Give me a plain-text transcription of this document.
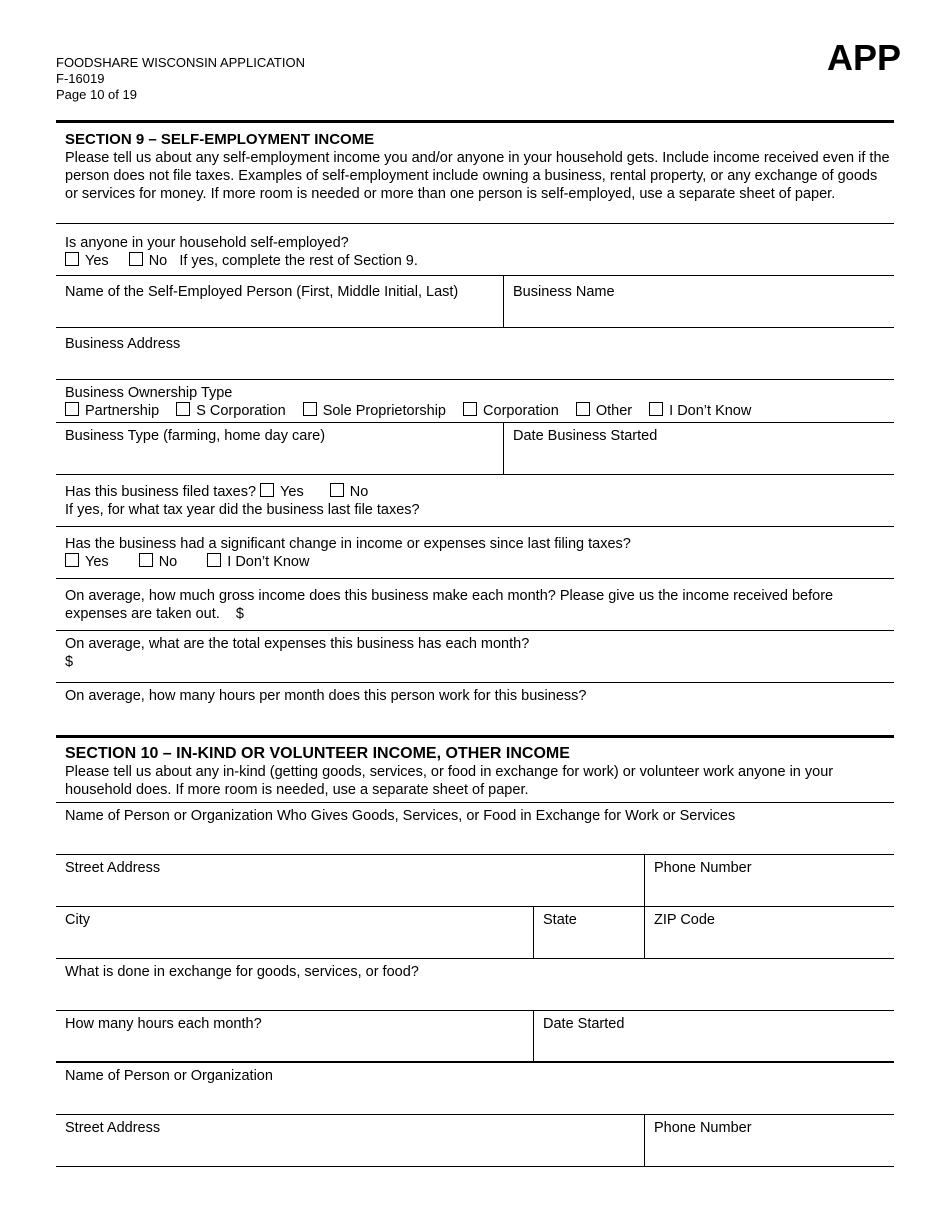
FOODSHARE WISCONSIN APPLICATION
F-16019
Page 10 of 19
APP
SECTION 9 – SELF-EMPLOYMENT INCOME
Please tell us about any self-employment income you and/or anyone in your household gets. Include income received even if the person does not file taxes. Examples of self-employment include owning a business, rental property, or any exchange of goods or services for money. If more room is needed or more than one person is self-employed, use a separate sheet of paper.
Is anyone in your household self-employed?
Yes	No If yes, complete the rest of Section 9.
Name of the Self-Employed Person (First, Middle Initial, Last)	Business Name
Business Address
Business Ownership Type
Partnership	S Corporation	Sole Proprietorship	Corporation	Other	I Don’t Know
Business Type (farming, home day care)	Date Business Started
Has this business filed taxes? Yes	No
If yes, for what tax year did the business last file taxes?
Has the business had a significant change in income or expenses since last filing taxes?
Yes	No	I Don’t Know
On average, how much gross income does this business make each month? Please give us the income received before expenses are taken out. $
On average, what are the total expenses this business has each month?
$
On average, how many hours per month does this person work for this business?
SECTION 10 – IN-KIND OR VOLUNTEER INCOME, OTHER INCOME
Please tell us about any in-kind (getting goods, services, or food in exchange for work) or volunteer work anyone in your household does. If more room is needed, use a separate sheet of paper.
Name of Person or Organization Who Gives Goods, Services, or Food in Exchange for Work or Services
Street Address	Phone Number
City	State	ZIP Code
What is done in exchange for goods, services, or food?
How many hours each month?	Date Started
Name of Person or Organization
Street Address	Phone Number
